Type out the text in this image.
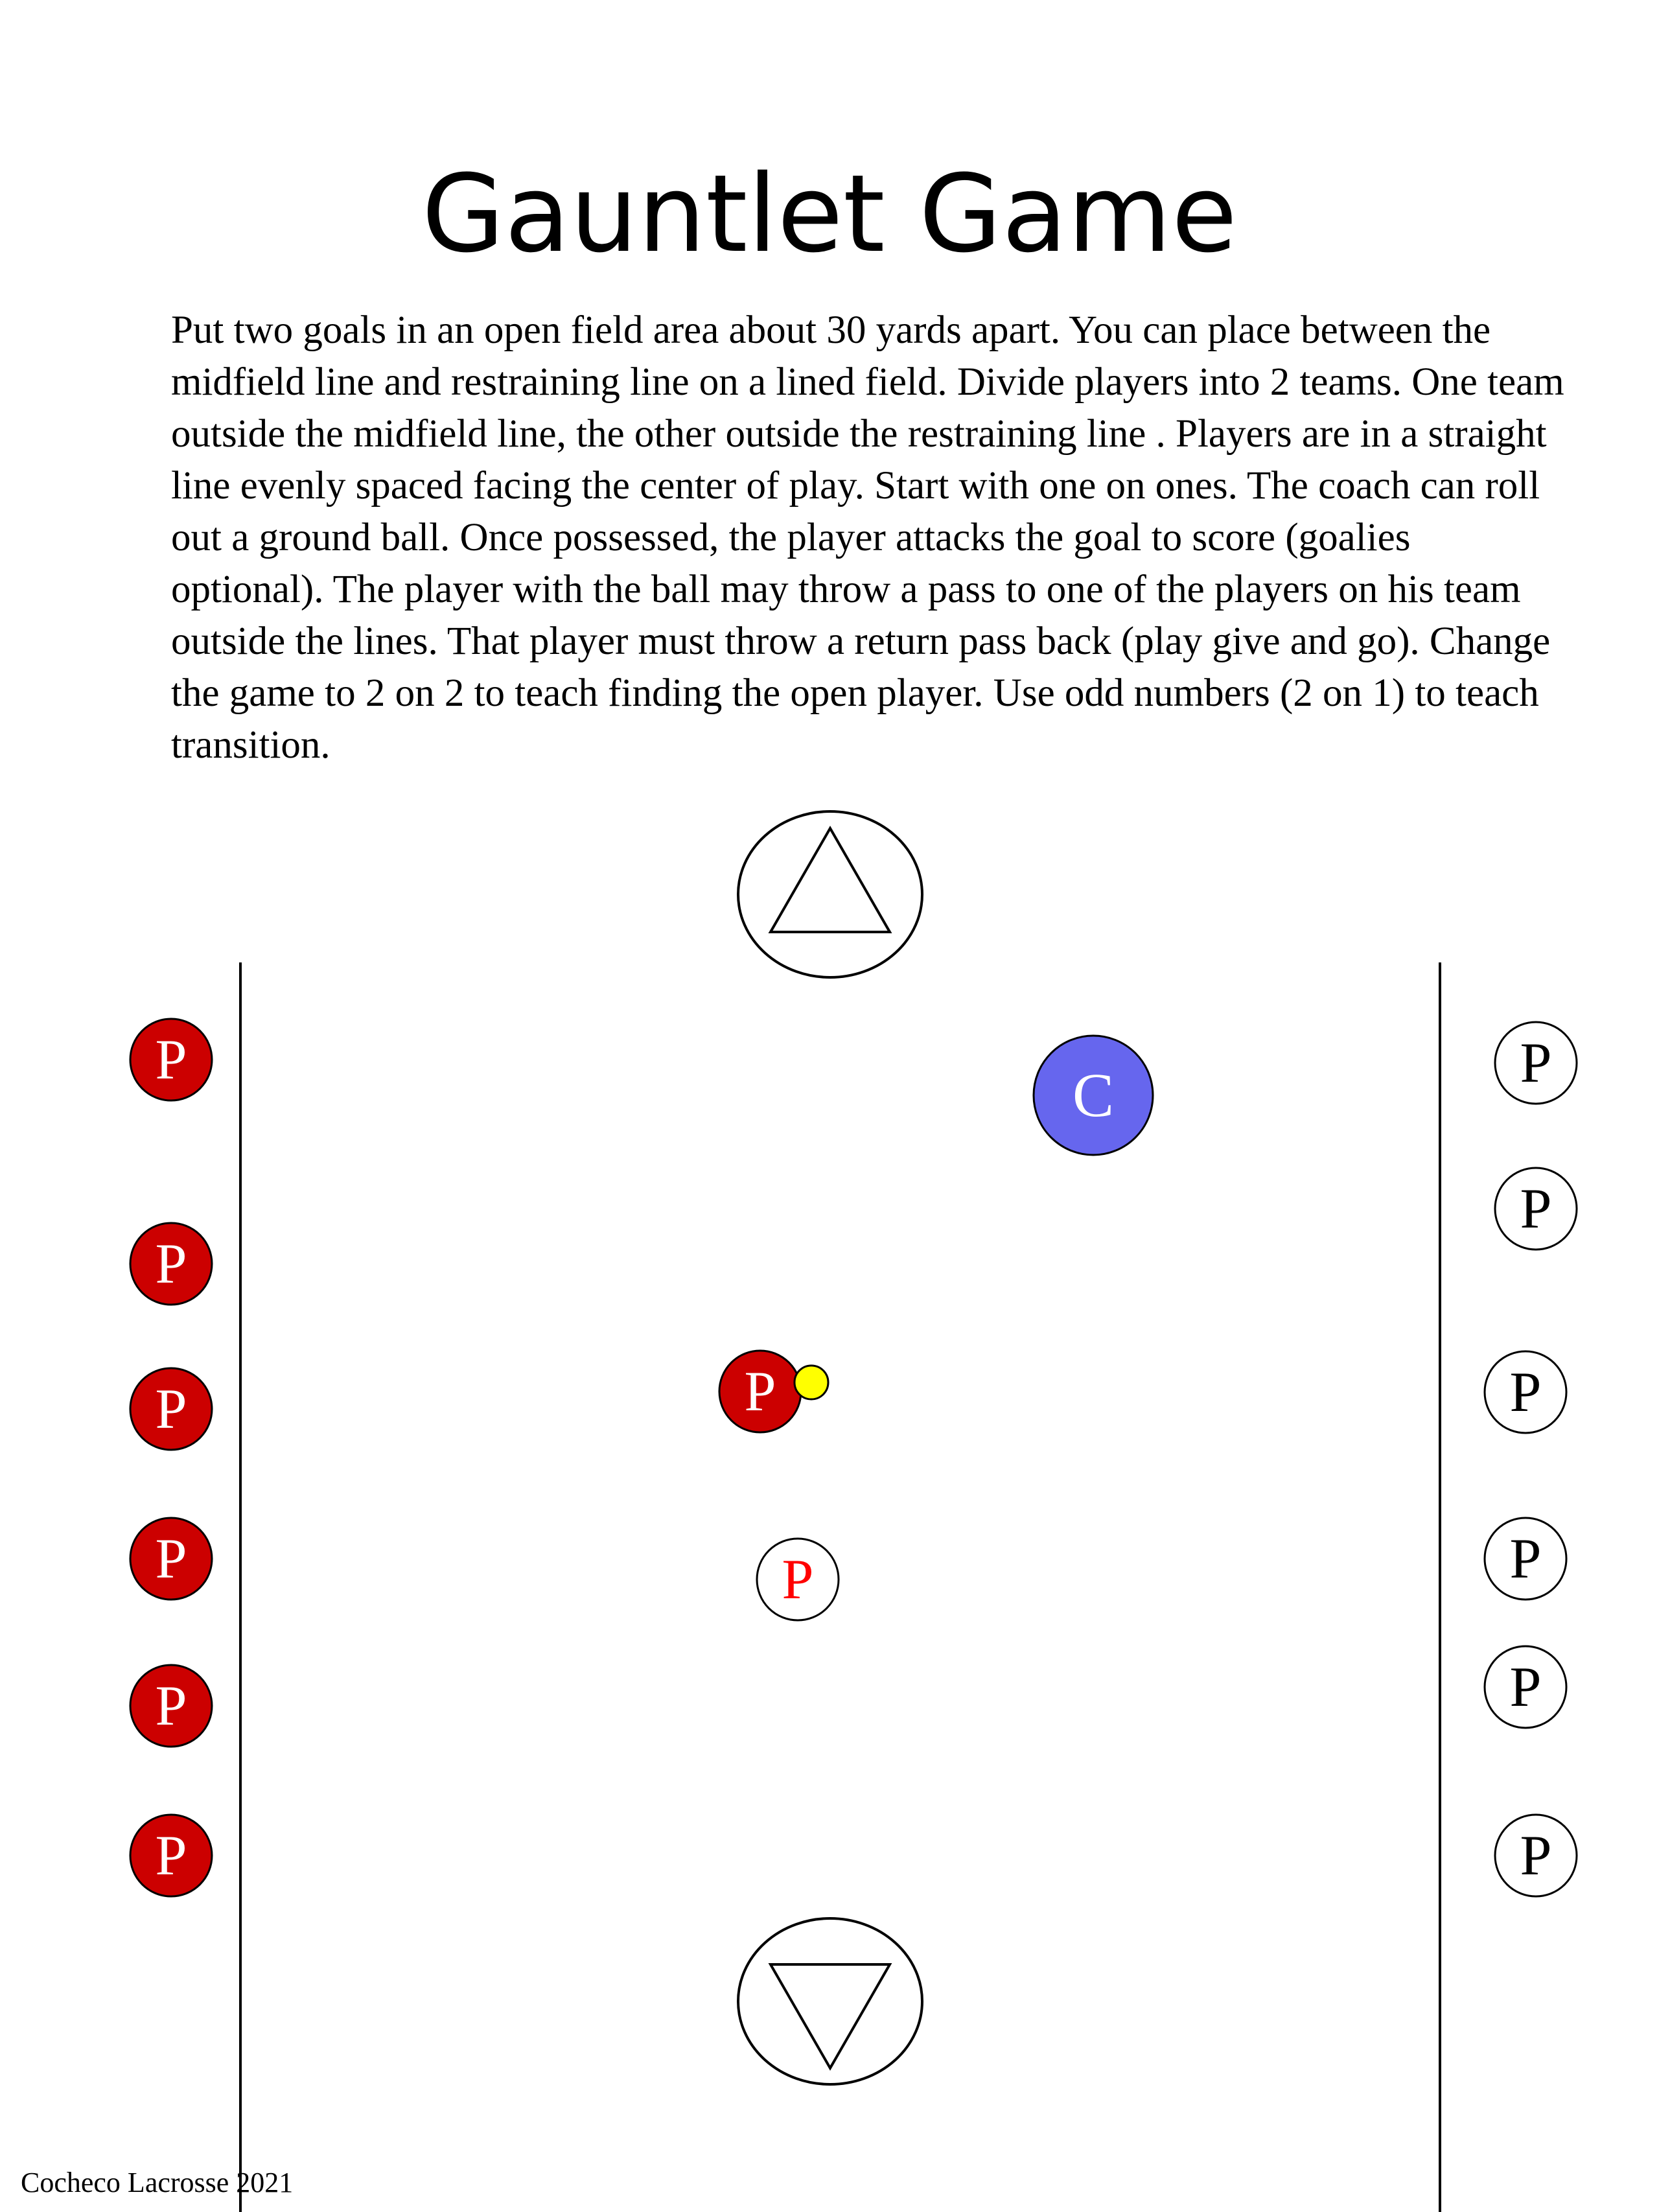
Gauntlet Game

Put two goals in an open field area about 30 yards apart. You can place between the midfield line and restraining line on a lined field. Divide players into 2 teams. One team outside the midfield line, the other outside the restraining line . Players are in a straight line evenly spaced facing the center of play. Start with one on ones. The coach can roll out a ground ball. Once possessed, the player attacks the goal to score (goalies optional). The player with the ball may throw a pass to one of the players on his team outside the lines. That player must throw a return pass back (play give and go). Change the game to 2 on 2 to teach finding the open player. Use odd numbers (2 on 1) to teach transition.

P
P
P
P
P
P
P
P
P
P
P
P
C
P
P
Cocheco Lacrosse 2021
